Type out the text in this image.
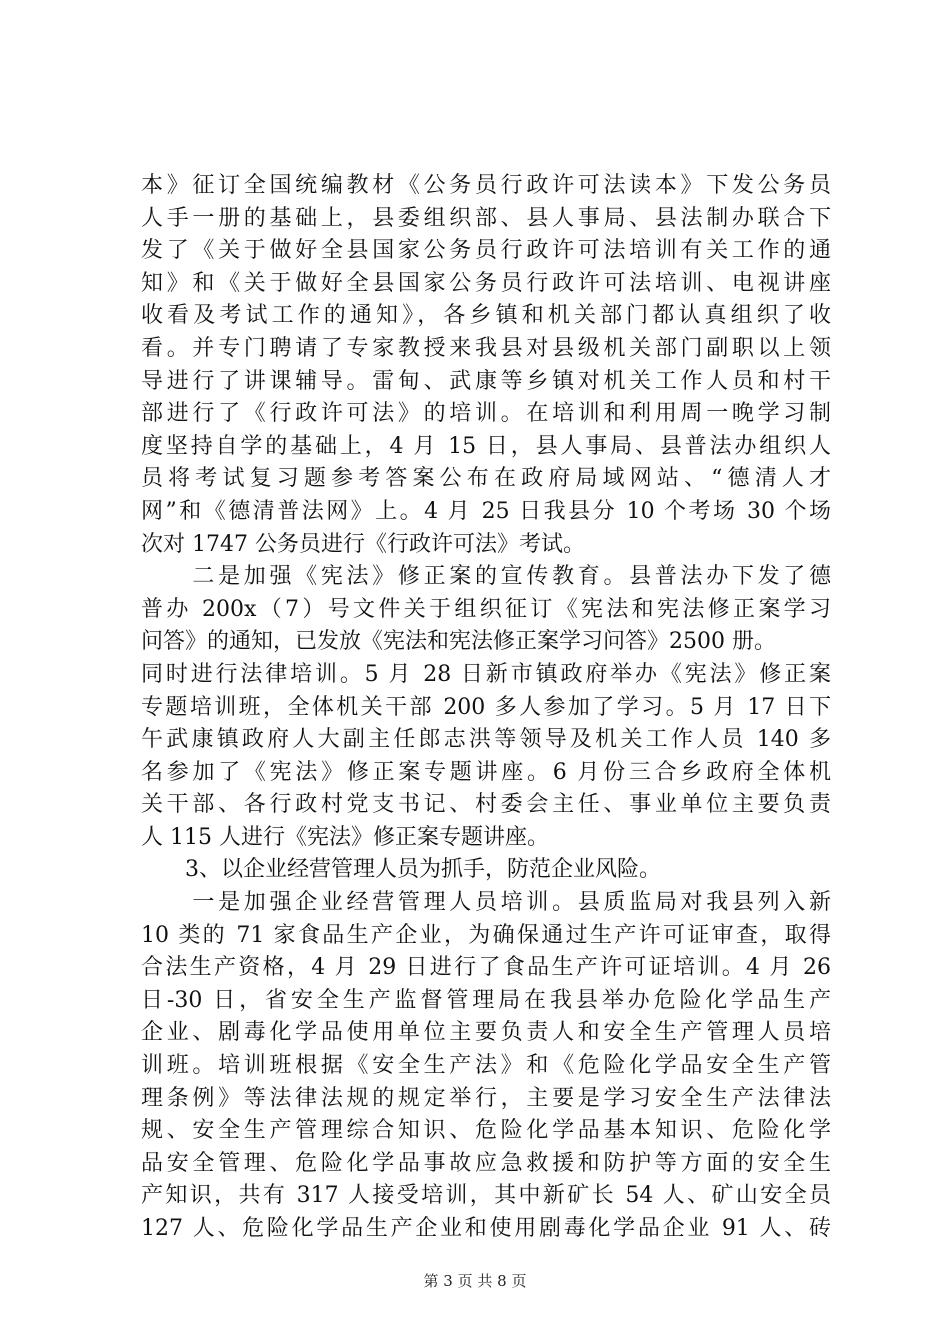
本》征订全国统编教材《公务员行政许可法读本》下发公务员
人手一册的基础上，县委组织部、县人事局、县法制办联合下
发了《关于做好全县国家公务员行政许可法培训有关工作的通
知》和《关于做好全县国家公务员行政许可法培训、电视讲座
收看及考试工作的通知》，各乡镇和机关部门都认真组织了收
看。并专门聘请了专家教授来我县对县级机关部门副职以上领
导进行了讲课辅导。雷甸、武康等乡镇对机关工作人员和村干
部进行了《行政许可法》的培训。在培训和利用周一晚学习制
度坚持自学的基础上，4 月 15 日，县人事局、县普法办组织人
员将考试复习题参考答案公布在政府局域网站、“德清人才
网”和《德清普法网》上。4 月 25 日我县分 10 个考场 30 个场
次对 1747 公务员进行《行政许可法》考试。
　　二是加强《宪法》修正案的宣传教育。县普法办下发了德
普办 200x（7）号文件关于组织征订《宪法和宪法修正案学习
问答》的通知，已发放《宪法和宪法修正案学习问答》2500 册。
同时进行法律培训。5 月 28 日新市镇政府举办《宪法》修正案
专题培训班，全体机关干部 200 多人参加了学习。5 月 17 日下
午武康镇政府人大副主任郎志洪等领导及机关工作人员 140 多
名参加了《宪法》修正案专题讲座。6 月份三合乡政府全体机
关干部、各行政村党支书记、村委会主任、事业单位主要负责
人 115 人进行《宪法》修正案专题讲座。
　　3、以企业经营管理人员为抓手，防范企业风险。
　　一是加强企业经营管理人员培训。县质监局对我县列入新
10 类的 71 家食品生产企业，为确保通过生产许可证审查，取得
合法生产资格，4 月 29 日进行了食品生产许可证培训。4 月 26
日-30 日，省安全生产监督管理局在我县举办危险化学品生产
企业、剧毒化学品使用单位主要负责人和安全生产管理人员培
训班。培训班根据《安全生产法》和《危险化学品安全生产管
理条例》等法律法规的规定举行，主要是学习安全生产法律法
规、安全生产管理综合知识、危险化学品基本知识、危险化学
品安全管理、危险化学品事故应急救援和防护等方面的安全生
产知识，共有 317 人接受培训，其中新矿长 54 人、矿山安全员
127 人、危险化学品生产企业和使用剧毒化学品企业 91 人、砖
第 3 页 共 8 页
